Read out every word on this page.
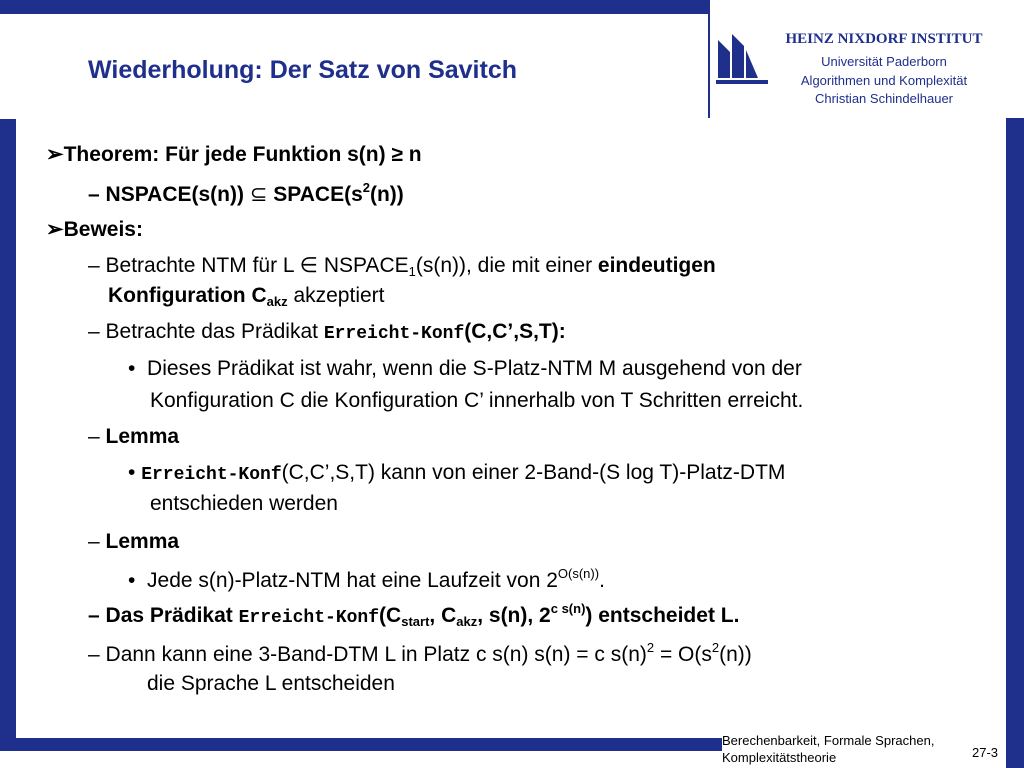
HEINZ NIXDORF INSTITUT
Universität Paderborn
Algorithmen und Komplexität
Christian Schindelhauer
Wiederholung: Der Satz von Savitch
➢Theorem: Für jede Funktion s(n) ≥ n
– NSPACE(s(n)) ⊆ $SPACE(s^2(n))$
➢Beweis:
– Betrachte NTM für L ∈ $NSPACE_1(s(n))$, die mit einer eindeutigen
Konfiguration $C_{akz}$ akzeptiert
– Betrachte das Prädikat Erreicht-Konf(C,C’,S,T):
• Dieses Prädikat ist wahr, wenn die S-Platz-NTM M ausgehend von der
Konfiguration C die Konfiguration C’ innerhalb von T Schritten erreicht.
– Lemma
• Erreicht-Konf(C,C’,S,T) kann von einer 2-Band-(S log T)-Platz-DTM
entschieden werden
– Lemma
• Jede s(n)-Platz-NTM hat eine Laufzeit von $2^{O(s(n))}$.
– Das Prädikat Erreicht-$Konf(C_{start}$, $C_{akz}$, s(n), $2^{c s(n)}$) entscheidet L.
– Dann kann eine 3-Band-DTM L in Platz c s(n) s(n) = c $s(n)^2 = O(s^2(n))$
die Sprache L entscheiden
Berechenbarkeit, Formale Sprachen,
Komplexitätstheorie	27-3
